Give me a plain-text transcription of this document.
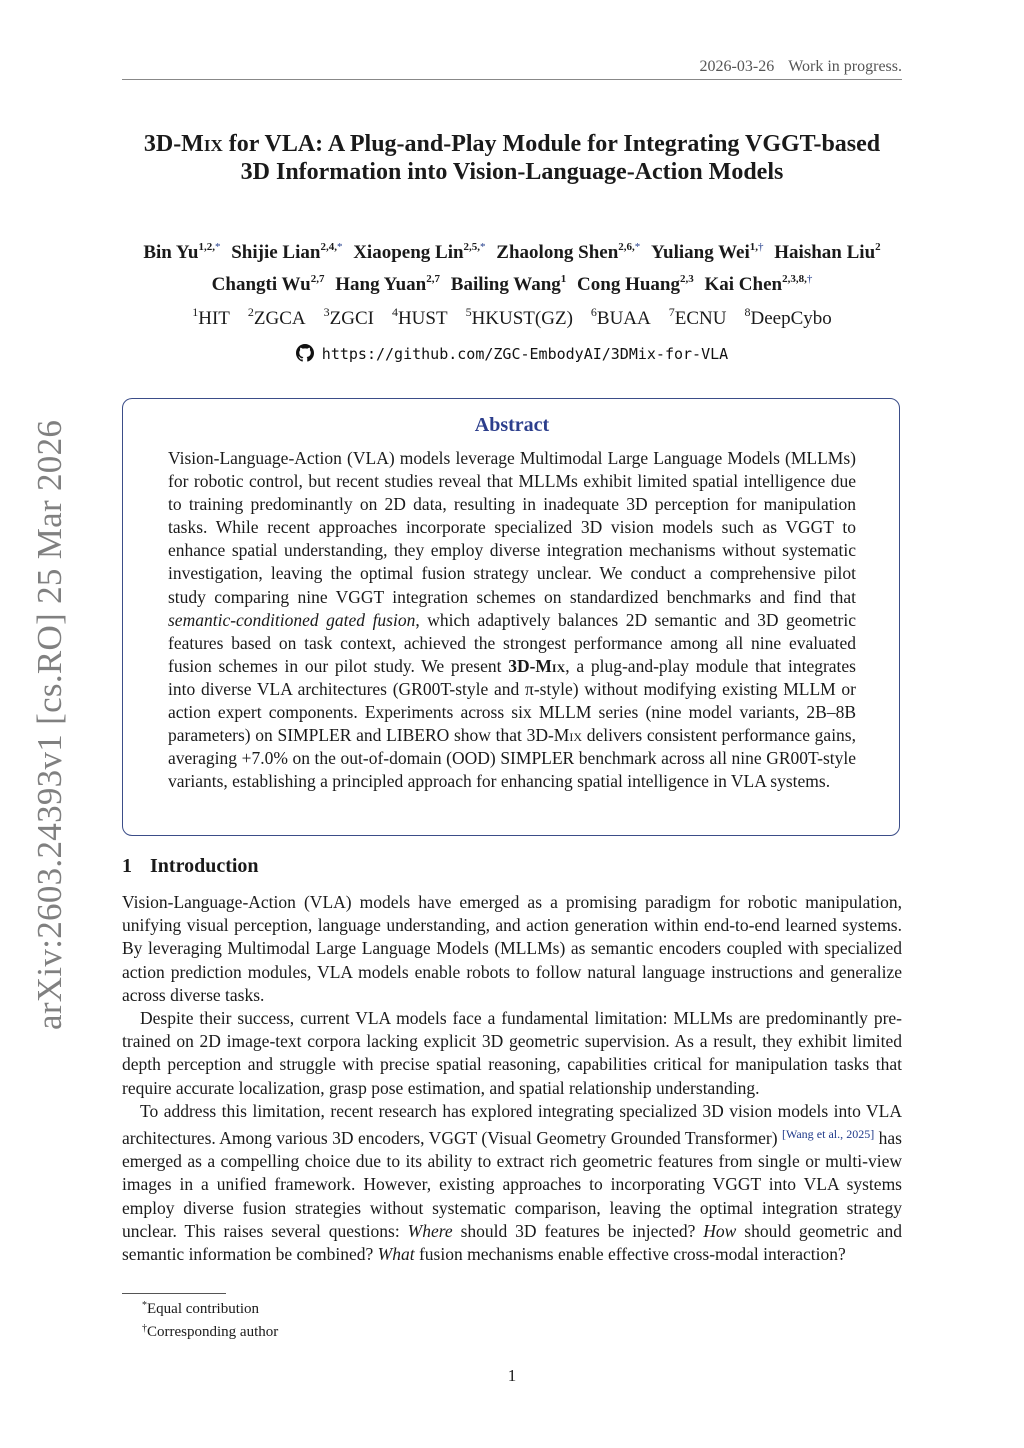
2026-03-26 Work in progress.
arXiv:2603.24393v1 [cs.RO] 25 Mar 2026
3D-Mix for VLA: A Plug-and-Play Module for Integrating VGGT-based
3D Information into Vision-Language-Action Models
Bin $Yu^{1,2,*}$ Shijie Lian$^{2,4,*}$ Xiaopeng Lin$^{2,5,*}$ Zhaolong Shen$^{2,6,*}$ Yuliang Wei$^{1,\dagger}$ Haishan Liu$^2$
Changti Wu$^{2,7}$ Hang Yuan$^{2,7}$ Bailing Wang$^1$ Cong Huang$^{2,3}$ Kai Chen$^{2,3,8,\dagger}$
$^1$HIT $^2$ZGCA $^3$ZGCI $^4$HUST $^5$HKUST(GZ) $^6$BUAA $^7$ECNU $^8$DeepCybo
https://github.com/ZGC-EmbodyAI/3DMix-for-VLA
Abstract
Vision-Language-Action (VLA) models leverage Multimodal Large Language Models (MLLMs) for robotic control, but recent studies reveal that MLLMs exhibit limited spatial intelligence due to training predominantly on 2D data, resulting in inadequate 3D perception for manipulation tasks. While recent approaches incorporate specialized 3D vision models such as VGGT to enhance spatial understanding, they employ diverse integration mechanisms without systematic investigation, leaving the optimal fusion strategy unclear. We conduct a comprehensive pilot study comparing nine VGGT integration schemes on standardized benchmarks and find that semantic-conditioned gated fusion, which adaptively balances 2D semantic and 3D geometric features based on task context, achieved the strongest performance among all nine evaluated fusion schemes in our pilot study. We present 3D-Mix, a plug-and-play module that integrates into diverse VLA architectures (GR00T-style and π-style) without modifying existing MLLM or action expert components. Experiments across six MLLM series (nine model variants, 2B–8B parameters) on SIMPLER and LIBERO show that 3D-Mix delivers consistent performance gains, averaging +7.0% on the out-of-domain (OOD) SIMPLER benchmark across all nine GR00T-style variants, establishing a principled approach for enhancing spatial intelligence in VLA systems.
1 Introduction

Vision-Language-Action (VLA) models have emerged as a promising paradigm for robotic manipulation, unifying visual perception, language understanding, and action generation within end-to-end learned systems. By leveraging Multimodal Large Language Models (MLLMs) as semantic encoders coupled with specialized action prediction modules, VLA models enable robots to follow natural language instructions and generalize across diverse tasks.

Despite their success, current VLA models face a fundamental limitation: MLLMs are predominantly pre-trained on 2D image-text corpora lacking explicit 3D geometric supervision. As a result, they exhibit limited depth perception and struggle with precise spatial reasoning, capabilities critical for manipulation tasks that require accurate localization, grasp pose estimation, and spatial relationship understanding.

To address this limitation, recent research has explored integrating specialized 3D vision models into VLA architectures. Among various 3D encoders, VGGT (Visual Geometry Grounded Transformer) [Wang et al., 2025] has emerged as a compelling choice due to its ability to extract rich geometric features from single or multi-view images in a unified framework. However, existing approaches to incorporating VGGT into VLA systems employ diverse fusion strategies without systematic comparison, leaving the optimal integration strategy unclear. This raises several questions: Where should 3D features be injected? How should geometric and semantic information be combined? What fusion mechanisms enable effective cross-modal interaction?

*Equal contribution
†Corresponding author
1
